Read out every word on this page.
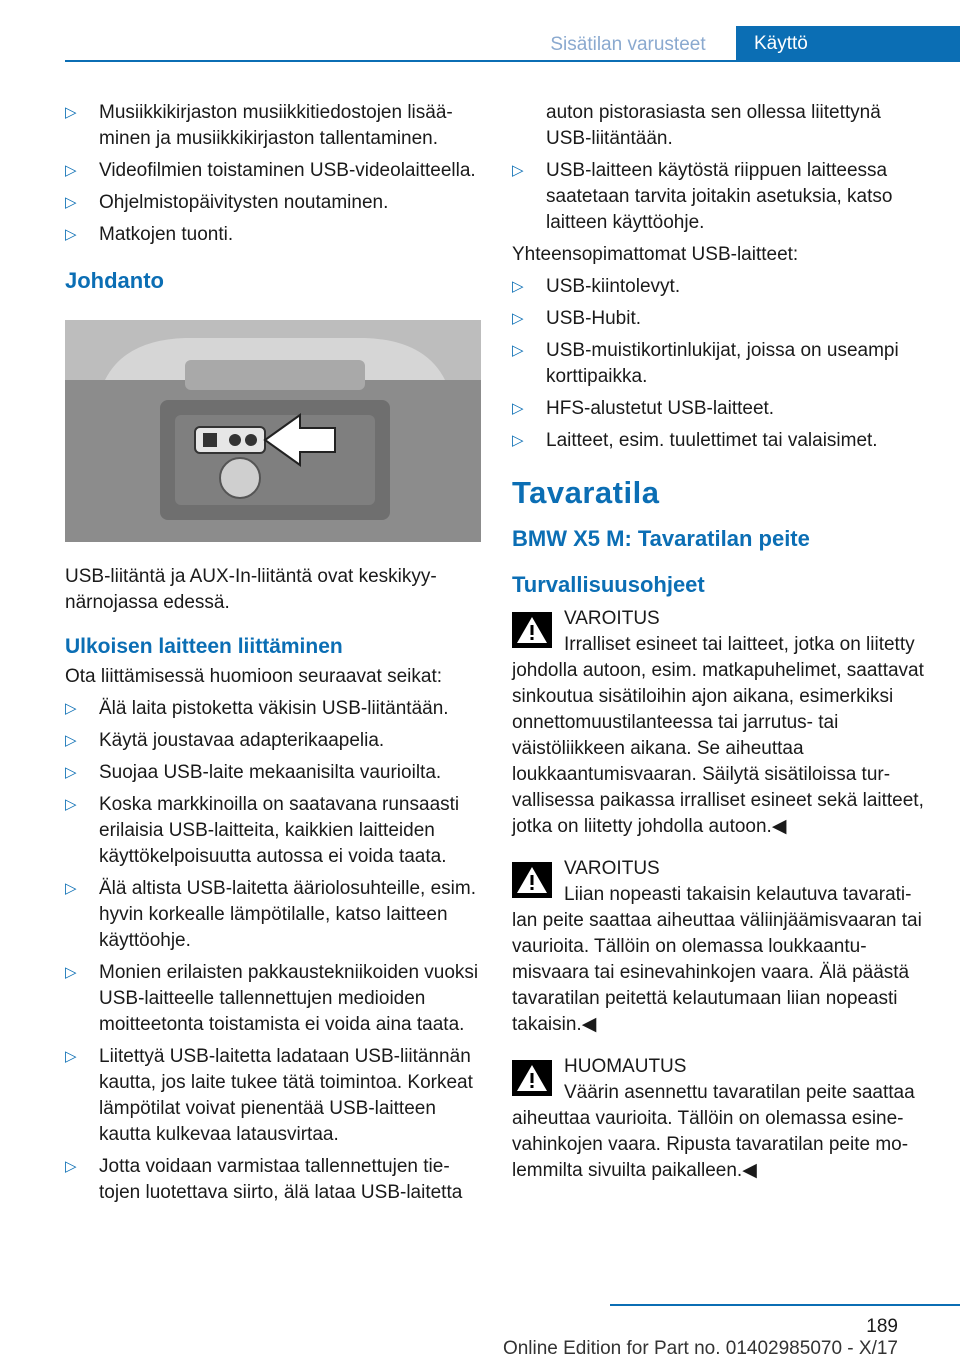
Sisätilan varusteet	Käyttö
▷ Musiikkikirjaston musiikkitiedostojen lisääminen ja musiikkikirjaston tallentaminen.
▷ Videofilmien toistaminen USB-videolaitteella.
▷ Ohjelmistopäivitysten noutaminen.
▷ Matkojen tuonti.
Johdanto

USB-liitäntä ja AUX-In-liitäntä ovat keskikyynärnojassa edessä.

Ulkoisen laitteen liittäminen

Ota liittämisessä huomioon seuraavat seikat:

▷ Älä laita pistoketta väkisin USB-liitäntään.
▷ Käytä joustavaa adapterikaapelia.
▷ Suojaa USB-laite mekaanisilta vaurioilta.
▷ Koska markkinoilla on saatavana runsaasti erilaisia USB-laitteita, kaikkien laitteiden käyttökelpoisuutta autossa ei voida taata.
▷ Älä altista USB-laitetta ääriolosuhteille, esim. hyvin korkealle lämpötilalle, katso laitteen käyttöohje.
▷ Monien erilaisten pakkaustekniikoiden vuoksi USB-laitteelle tallennettujen medioiden moitteetonta toistamista ei voida aina taata.
▷ Liitettyä USB-laitetta ladataan USB-liitännän kautta, jos laite tukee tätä toimintoa. Korkeat lämpötilat voivat pienentää USB-laitteen kautta kulkevaa latausvirtaa.
▷ Jotta voidaan varmistaa tallennettujen tietojen luotettava siirto, älä lataa USB-laitetta

auton pistorasiasta sen ollessa liitettynä USB-liitäntään.

▷ USB-laitteen käytöstä riippuen laitteessa saatetaan tarvita joitakin asetuksia, katso laitteen käyttöohje.

Yhteensopimattomat USB-laitteet:

▷ USB-kiintolevyt.
▷ USB-Hubit.
▷ USB-muistikortinlukijat, joissa on useampi korttipaikka.
▷ HFS-alustetut USB-laitteet.
▷ Laitteet, esim. tuulettimet tai valaisimet.
Tavaratila
BMW X5 M: Tavaratilan peite
Turvallisuusohjeet
VAROITUS
Irralliset esineet tai laitteet, jotka on liitetty johdolla autoon, esim. matkapuhelimet, saattavat sinkoutua sisätiloihin ajon aikana, esimerkiksi onnettomuustilanteessa tai jarrutus- tai väistöliikkeen aikana. Se aiheuttaa loukkaantumisvaaran. Säilytä sisätiloissa turvallisessa paikassa irralliset esineet sekä laitteet, jotka on liitetty johdolla autoon.◀
VAROITUS
Liian nopeasti takaisin kelautuva tavaratilan peite saattaa aiheuttaa väliinjäämisvaaran tai vaurioita. Tällöin on olemassa loukkaantumisvaara tai esinevahinkojen vaara. Älä päästä tavaratilan peitettä kelautumaan liian nopeasti takaisin.◀
HUOMAUTUS
Väärin asennettu tavaratilan peite saattaa aiheuttaa vaurioita. Tällöin on olemassa esinevahinkojen vaara. Ripusta tavaratilan peite molemmilta sivuilta paikalleen.◀
189
Online Edition for Part no. 01402985070 - X/17
